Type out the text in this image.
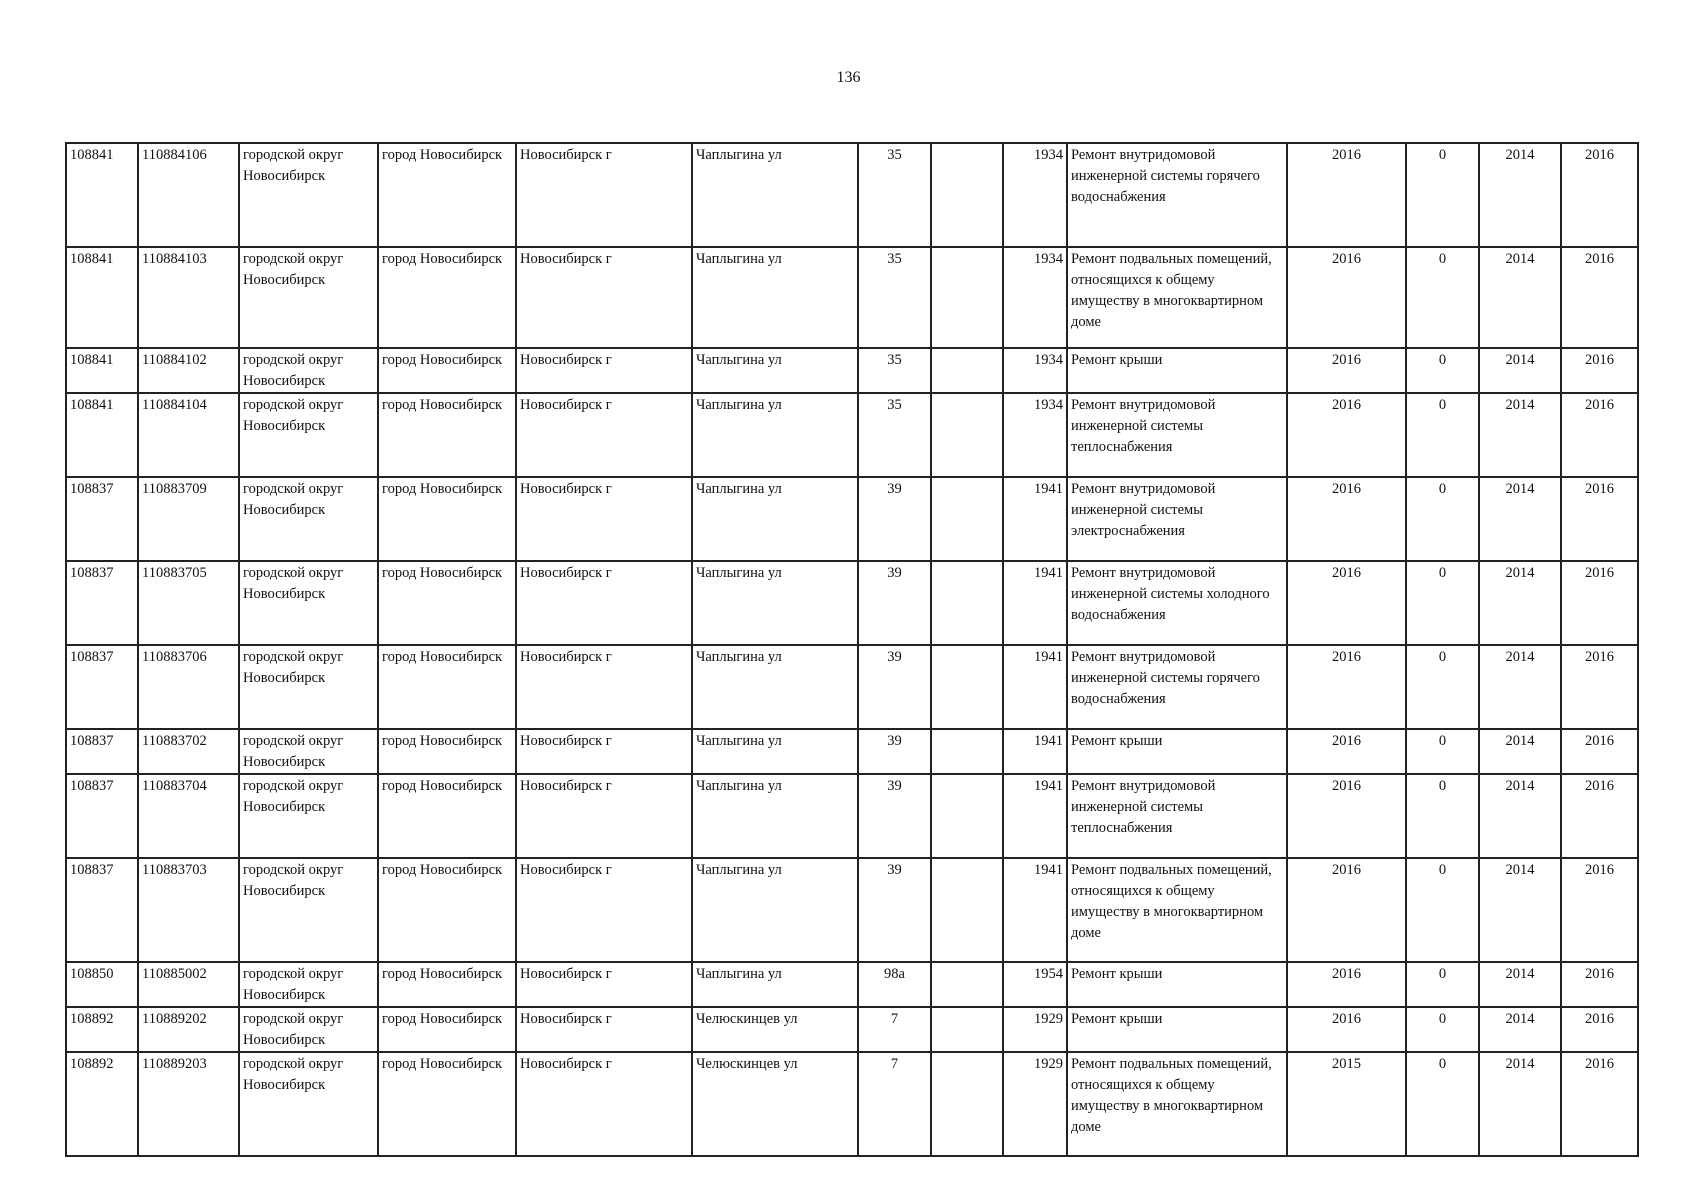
136
108841	110884106	городской округ Новосибирск	город Новосибирск	Новосибирск г	Чаплыгина ул	35		1934	Ремонт внутридомовой инженерной системы горячего водоснабжения	2016	0	2014	2016
108841	110884103	городской округ Новосибирск	город Новосибирск	Новосибирск г	Чаплыгина ул	35		1934	Ремонт подвальных помещений, относящихся к общему имуществу в многоквартирном доме	2016	0	2014	2016
108841	110884102	городской округ Новосибирск	город Новосибирск	Новосибирск г	Чаплыгина ул	35		1934	Ремонт крыши	2016	0	2014	2016
108841	110884104	городской округ Новосибирск	город Новосибирск	Новосибирск г	Чаплыгина ул	35		1934	Ремонт внутридомовой инженерной системы теплоснабжения	2016	0	2014	2016
108837	110883709	городской округ Новосибирск	город Новосибирск	Новосибирск г	Чаплыгина ул	39		1941	Ремонт внутридомовой инженерной системы электроснабжения	2016	0	2014	2016
108837	110883705	городской округ Новосибирск	город Новосибирск	Новосибирск г	Чаплыгина ул	39		1941	Ремонт внутридомовой инженерной системы холодного водоснабжения	2016	0	2014	2016
108837	110883706	городской округ Новосибирск	город Новосибирск	Новосибирск г	Чаплыгина ул	39		1941	Ремонт внутридомовой инженерной системы горячего водоснабжения	2016	0	2014	2016
108837	110883702	городской округ Новосибирск	город Новосибирск	Новосибирск г	Чаплыгина ул	39		1941	Ремонт крыши	2016	0	2014	2016
108837	110883704	городской округ Новосибирск	город Новосибирск	Новосибирск г	Чаплыгина ул	39		1941	Ремонт внутридомовой инженерной системы теплоснабжения	2016	0	2014	2016
108837	110883703	городской округ Новосибирск	город Новосибирск	Новосибирск г	Чаплыгина ул	39		1941	Ремонт подвальных помещений, относящихся к общему имуществу в многоквартирном доме	2016	0	2014	2016
108850	110885002	городской округ Новосибирск	город Новосибирск	Новосибирск г	Чаплыгина ул	98а		1954	Ремонт крыши	2016	0	2014	2016
108892	110889202	городской округ Новосибирск	город Новосибирск	Новосибирск г	Челюскинцев ул	7		1929	Ремонт крыши	2016	0	2014	2016
108892	110889203	городской округ Новосибирск	город Новосибирск	Новосибирск г	Челюскинцев ул	7		1929	Ремонт подвальных помещений, относящихся к общему имуществу в многоквартирном доме	2015	0	2014	2016
